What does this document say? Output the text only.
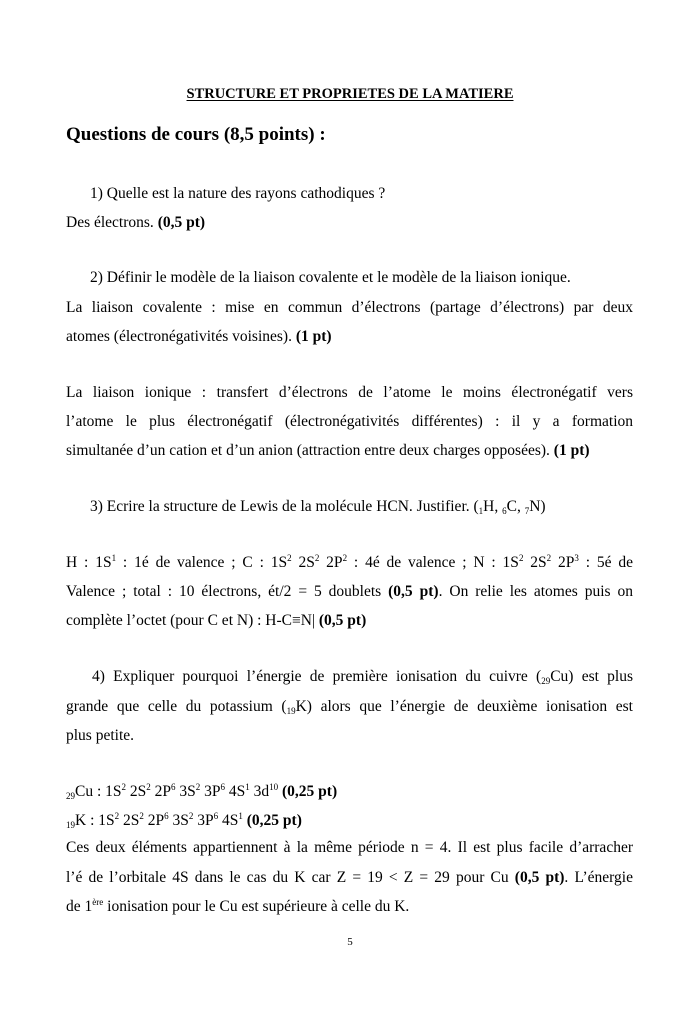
STRUCTURE ET PROPRIETES DE LA MATIERE
Questions de cours (8,5 points) :
1) Quelle est la nature des rayons cathodiques ?
Des électrons. (0,5 pt)
2) Définir le modèle de la liaison covalente et le modèle de la liaison ionique.
La liaison covalente : mise en commun d’électrons (partage d’électrons) par deux
atomes (électronégativités voisines). (1 pt)
La liaison ionique : transfert d’électrons de l’atome le moins électronégatif vers
l’atome le plus électronégatif (électronégativités différentes) : il y a formation
simultanée d’un cation et d’un anion (attraction entre deux charges opposées). (1 pt)
3) Ecrire la structure de Lewis de la molécule HCN. Justifier. ($_1H$, $_6$C, $_7$N)
H : $1S^1$ : 1é de valence ; C : $1S^2$ $2S^2$ $2P^2$ : 4é de valence ; N : $1S^2$ $2S^2$ $2P^3$ : 5é de
Valence ; total : 10 électrons, ét/2 = 5 doublets (0,5 pt). On relie les atomes puis on
complète l’octet (pour C et N) : H-C≡N| (0,5 pt)
4) Expliquer pourquoi l’énergie de première ionisation du cuivre $(_{29}Cu)$ est plus
grande que celle du potassium $(_{19}K)$ alors que l’énergie de deuxième ionisation est
plus petite.
$_{29}$Cu : $1S^2$ $2S^2$ $2P^6$ $3S^2$ $3P^6$ $4S^1$ $3d^{10}$ (0,25 pt)
$_{19}$K : $1S^2$ $2S^2$ $2P^6$ $3S^2$ $3P^6$ $4S^1$ (0,25 pt)
Ces deux éléments appartiennent à la même période n = 4. Il est plus facile d’arracher
l’é de l’orbitale 4S dans le cas du K car Z = 19 < Z = 29 pour Cu (0,5 pt). L’énergie
de 1ère ionisation pour le Cu est supérieure à celle du K.
5
